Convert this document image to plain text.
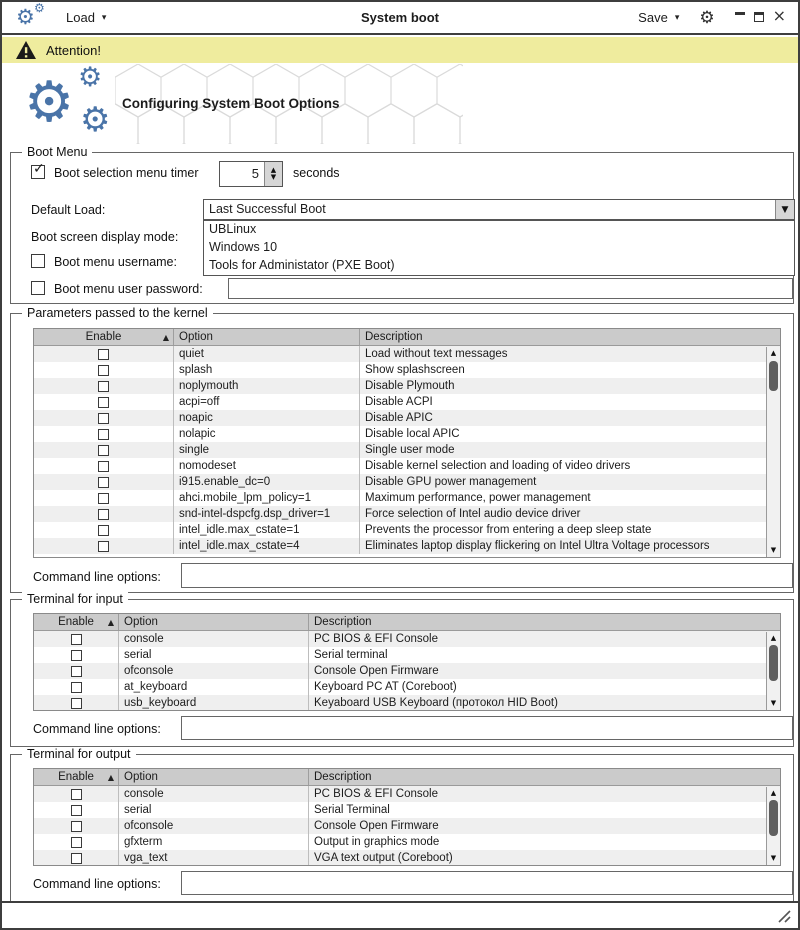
⚙ ⚙
Load ▾	System boot	Save ▾ ⚙	×
Attention!
⚙ ⚙
⚙ Configuring System Boot Options
Boot Menu
✓ Boot selection menu timer	5	▲
▼ seconds
Default Load:	Last Successful Boot	▼
UBLinux
Windows 10
Tools for Administator (PXE Boot)
Boot screen display mode:
Boot menu username:
Boot menu user password:
Parameters passed to the kernel
Enable	▲ Option	Description
quiet	Load without text messages
splash	Show splashscreen
noplymouth	Disable Plymouth
acpi=off	Disable ACPI
noapic	Disable APIC
nolapic	Disable local APIC
single	Single user mode
nomodeset	Disable kernel selection and loading of video drivers
i915.enable_dc=0	Disable GPU power management
ahci.mobile_lpm_policy=1	Maximum performance, power management
snd-intel-dspcfg.dsp_driver=1	Force selection of Intel audio device driver
intel_idle.max_cstate=1	Prevents the processor from entering a deep sleep state
intel_idle.max_cstate=4	Eliminates laptop display flickering on Intel Ultra Voltage processors
▲
▼
Command line options:
Terminal for input
Enable ▲ Option	Description
console	PC BIOS & EFI Console
serial	Serial terminal
ofconsole	Console Open Firmware
at_keyboard	Keyboard PC AT (Coreboot)
usb_keyboard	Keyaboard USB Keyboard (протокол HID Boot)
▲
▼
Command line options:
Terminal for output
Enable ▲ Option	Description
console	PC BIOS & EFI Console
serial	Serial Terminal
ofconsole	Console Open Firmware
gfxterm	Output in graphics mode
vga_text	VGA text output (Coreboot)
▲
▼
Command line options:
